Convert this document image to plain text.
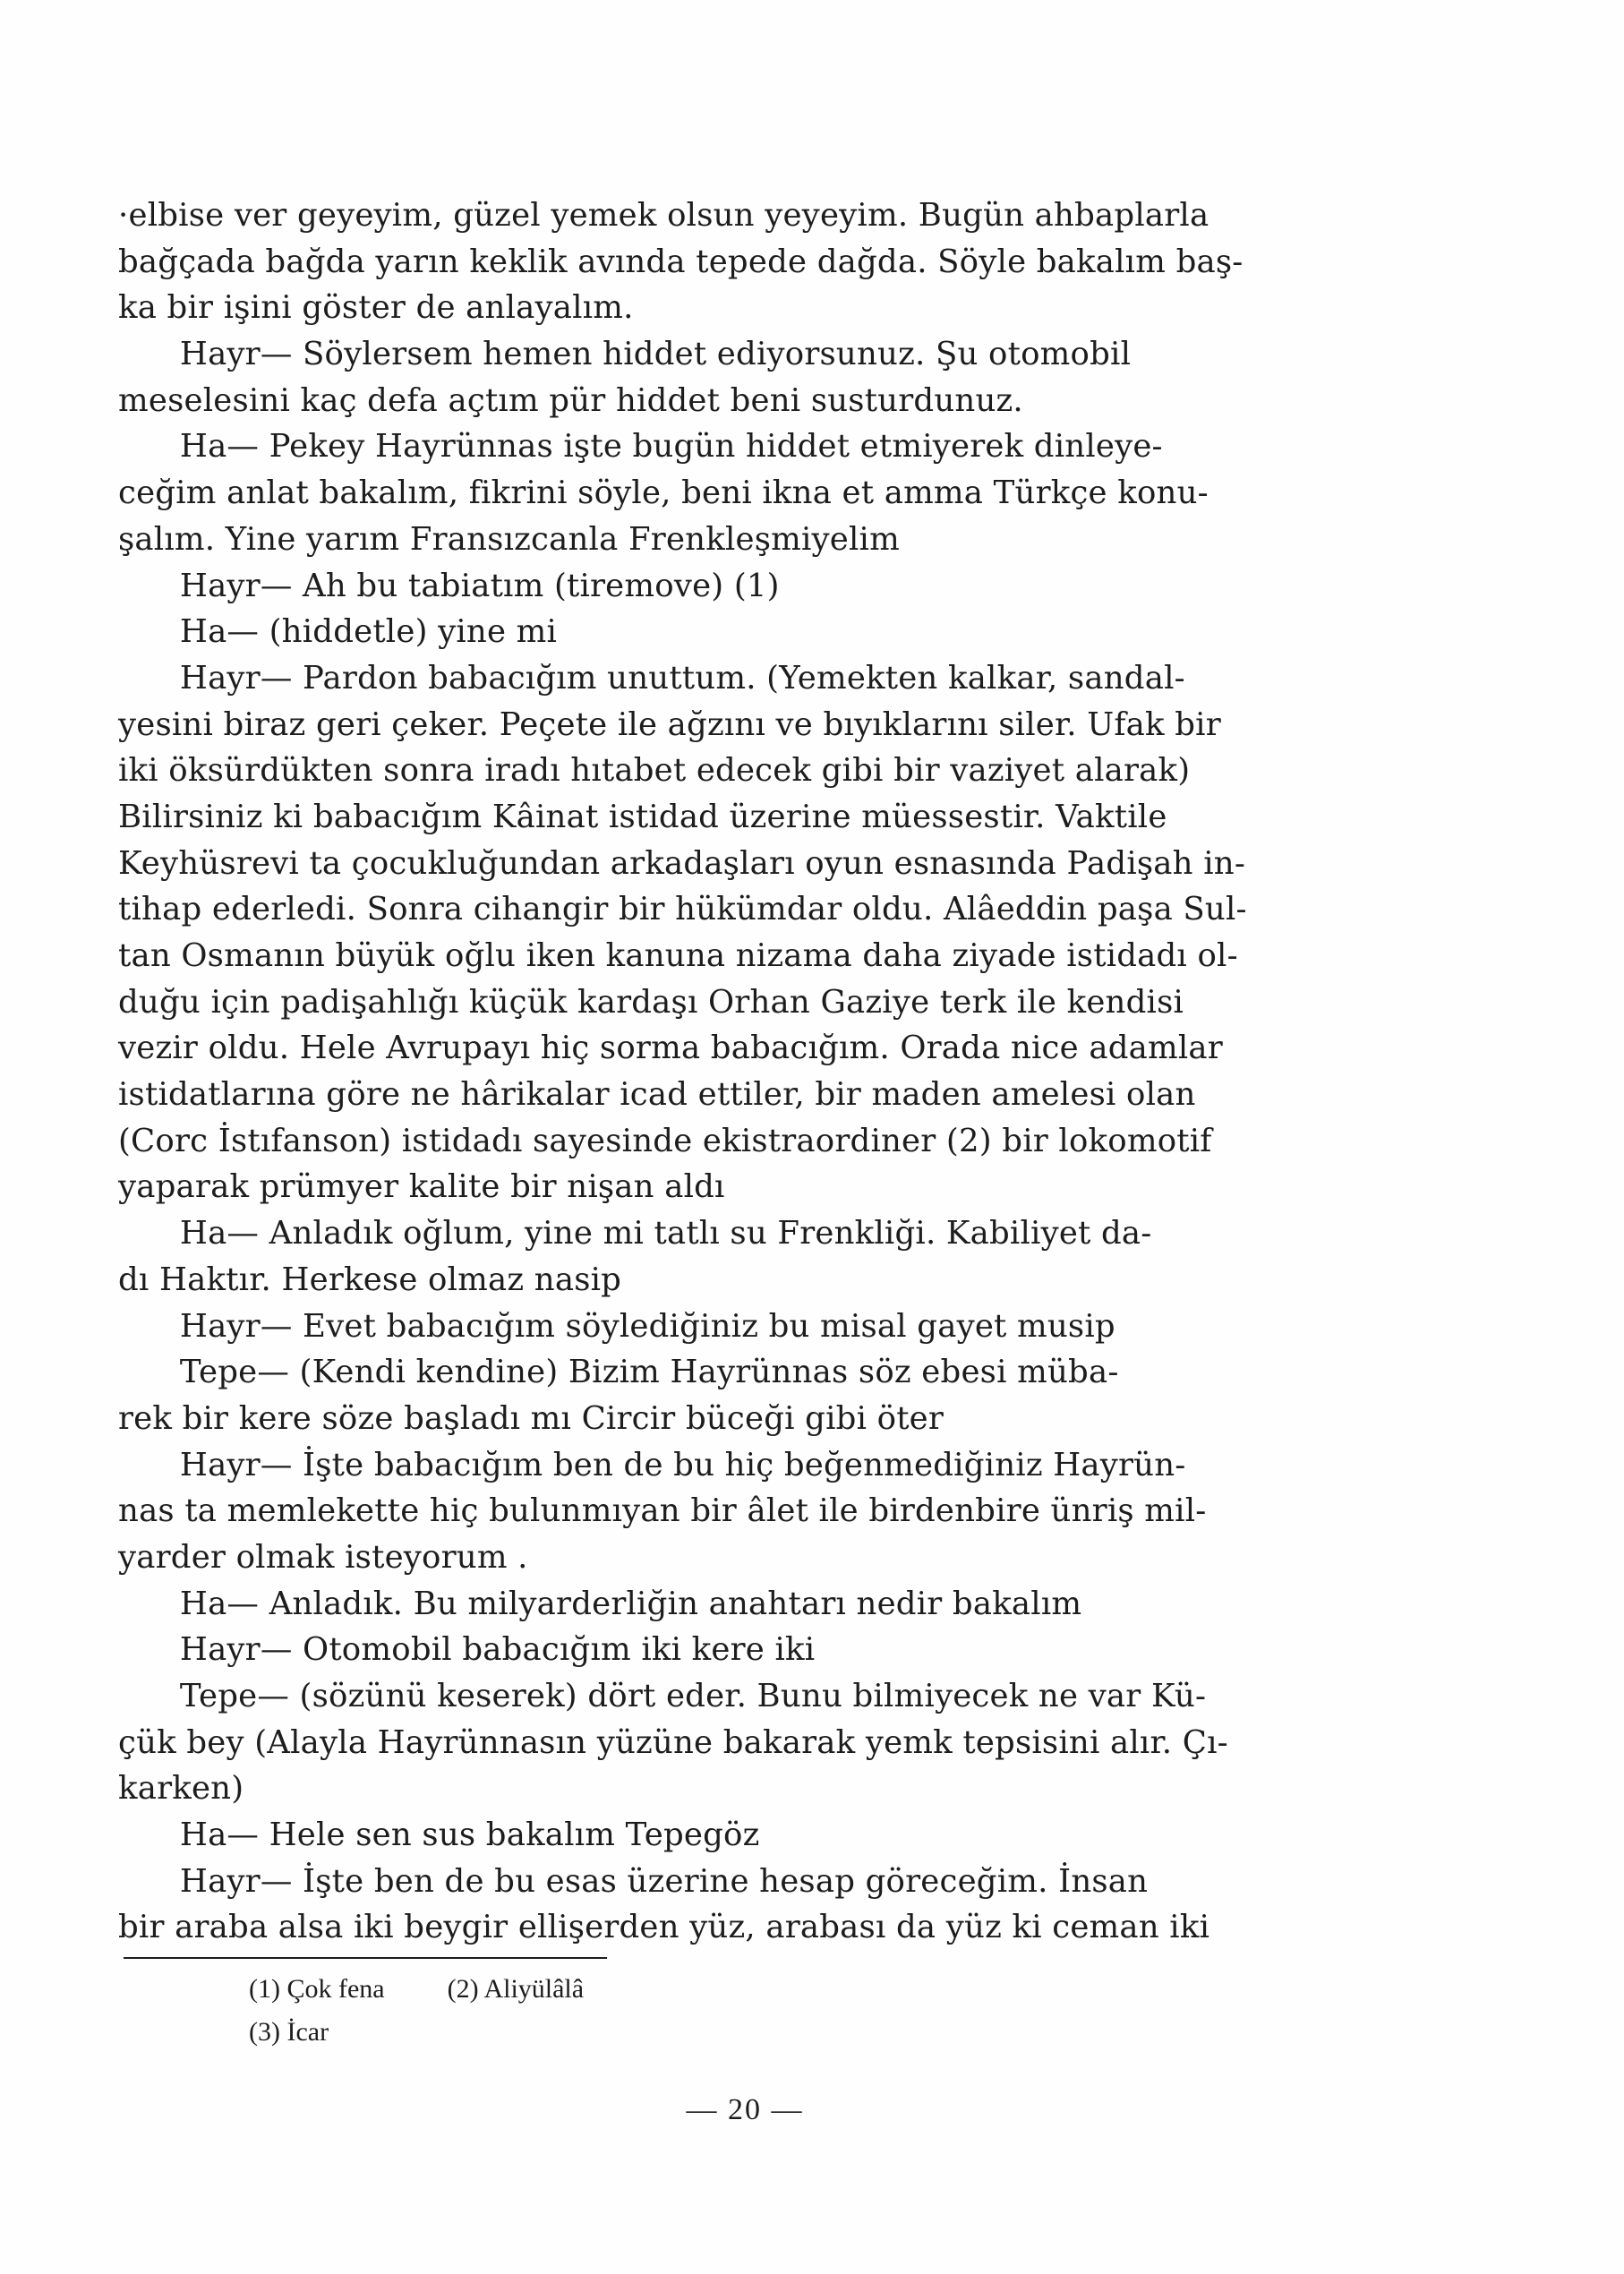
·elbise ver geyeyim, güzel yemek olsun yeyeyim. Bugün ahbaplarla
bağçada bağda yarın keklik avında tepede dağda. Söyle bakalım baş-
ka bir işini göster de anlayalım.
Hayr— Söylersem hemen hiddet ediyorsunuz. Şu otomobil
meselesini kaç defa açtım pür hiddet beni susturdunuz.
Ha— Pekey Hayrünnas işte bugün hiddet etmiyerek dinleye-
ceğim anlat bakalım, fikrini söyle, beni ikna et amma Türkçe konu-
şalım. Yine yarım Fransızcanla Frenkleşmiyelim
Hayr— Ah bu tabiatım (tiremove) (1)
Ha— (hiddetle) yine mi
Hayr— Pardon babacığım unuttum. (Yemekten kalkar, sandal-
yesini biraz geri çeker. Peçete ile ağzını ve bıyıklarını siler. Ufak bir
iki öksürdükten sonra iradı hıtabet edecek gibi bir vaziyet alarak)
Bilirsiniz ki babacığım Kâinat istidad üzerine müessestir. Vaktile
Keyhüsrevi ta çocukluğundan arkadaşları oyun esnasında Padişah in-
tihap ederledi. Sonra cihangir bir hükümdar oldu. Alâeddin paşa Sul-
tan Osmanın büyük oğlu iken kanuna nizama daha ziyade istidadı ol-
duğu için padişahlığı küçük kardaşı Orhan Gaziye terk ile kendisi
vezir oldu. Hele Avrupayı hiç sorma babacığım. Orada nice adamlar
istidatlarına göre ne hârikalar icad ettiler, bir maden amelesi olan
(Corc İstıfanson) istidadı sayesinde ekistraordiner (2) bir lokomotif
yaparak prümyer kalite bir nişan aldı
Ha— Anladık oğlum, yine mi tatlı su Frenkliği. Kabiliyet da-
dı Haktır. Herkese olmaz nasip
Hayr— Evet babacığım söylediğiniz bu misal gayet musip
Tepe— (Kendi kendine) Bizim Hayrünnas söz ebesi müba-
rek bir kere söze başladı mı Circir büceği gibi öter
Hayr— İşte babacığım ben de bu hiç beğenmediğiniz Hayrün-
nas ta memlekette hiç bulunmıyan bir âlet ile birdenbire ünriş mil-
yarder olmak isteyorum .
Ha— Anladık. Bu milyarderliğin anahtarı nedir bakalım
Hayr— Otomobil babacığım iki kere iki
Tepe— (sözünü keserek) dört eder. Bunu bilmiyecek ne var Kü-
çük bey (Alayla Hayrünnasın yüzüne bakarak yemk tepsisini alır. Çı-
karken)
Ha— Hele sen sus bakalım Tepegöz
Hayr— İşte ben de bu esas üzerine hesap göreceğim. İnsan
bir araba alsa iki beygir ellişerden yüz, arabası da yüz ki ceman iki
(1) Çok fena (2) Aliyülâlâ
(3) İcar
— 20 —
